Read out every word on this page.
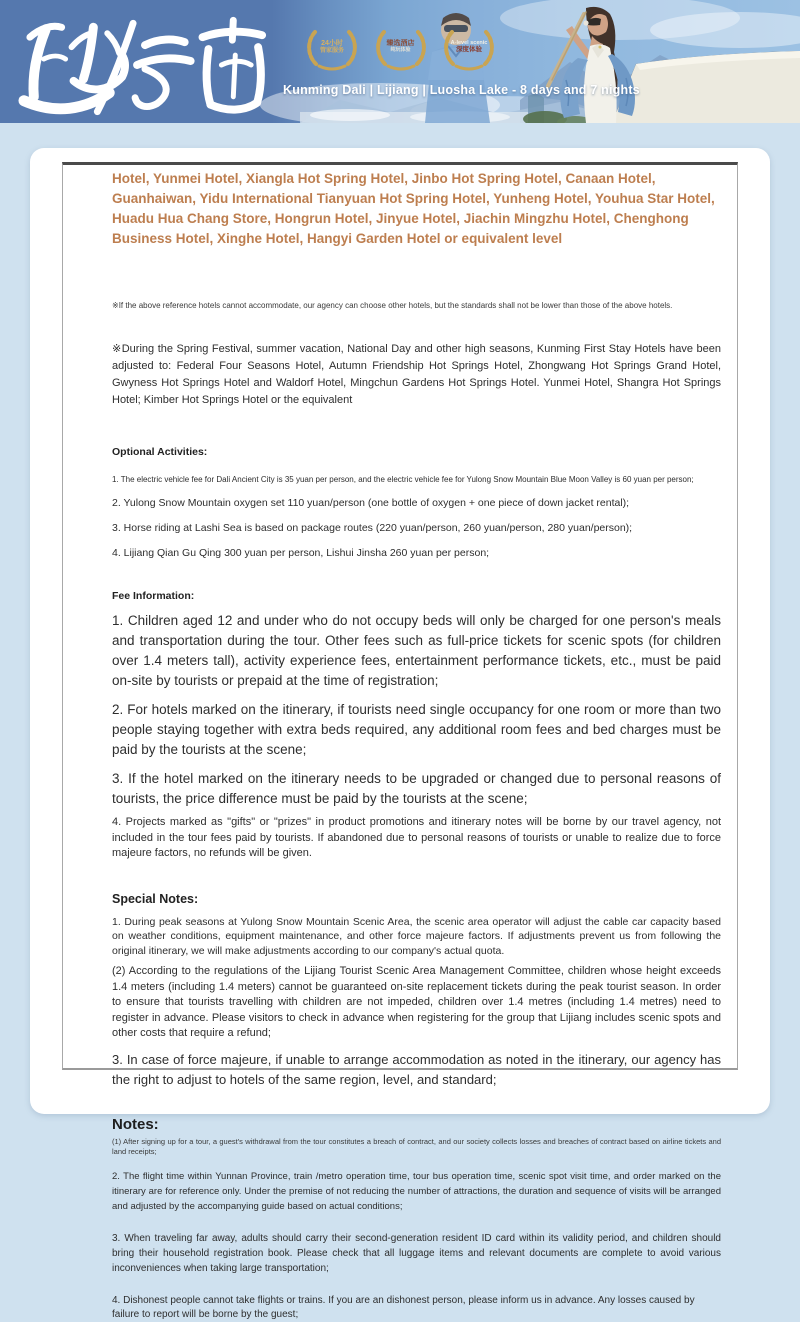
24小时
管家服务
臻选酒店
纯玩体验
A-level scenic
深度体验
Kunming Dali | Lijiang | Luosha Lake - 8 days and 7 nights

Hotel, Yunmei Hotel, Xiangla Hot Spring Hotel, Jinbo Hot Spring Hotel, Canaan Hotel, Guanhaiwan, Yidu International Tianyuan Hot Spring Hotel, Yunheng Hotel, Youhua Star Hotel, Huadu Hua Chang Store, Hongrun Hotel, Jinyue Hotel, Jiachin Mingzhu Hotel, Chenghong Business Hotel, Xinghe Hotel, Hangyi Garden Hotel or equivalent level

※If the above reference hotels cannot accommodate, our agency can choose other hotels, but the standards shall not be lower than those of the above hotels.

※During the Spring Festival, summer vacation, National Day and other high seasons, Kunming First Stay Hotels have been adjusted to: Federal Four Seasons Hotel, Autumn Friendship Hot Springs Hotel, Zhongwang Hot Springs Grand Hotel, Gwyness Hot Springs Hotel and Waldorf Hotel, Mingchun Gardens Hot Springs Hotel. Yunmei Hotel, Shangra Hot Springs Hotel; Kimber Hot Springs Hotel or the equivalent

Optional Activities:

1. The electric vehicle fee for Dali Ancient City is 35 yuan per person, and the electric vehicle fee for Yulong Snow Mountain Blue Moon Valley is 60 yuan per person;

2. Yulong Snow Mountain oxygen set 110 yuan/person (one bottle of oxygen + one piece of down jacket rental);

3. Horse riding at Lashi Sea is based on package routes (220 yuan/person, 260 yuan/person, 280 yuan/person);

4. Lijiang Qian Gu Qing 300 yuan per person, Lishui Jinsha 260 yuan per person;

Fee Information:

1. Children aged 12 and under who do not occupy beds will only be charged for one person's meals and transportation during the tour. Other fees such as full-price tickets for scenic spots (for children over 1.4 meters tall), activity experience fees, entertainment performance tickets, etc., must be paid on-site by tourists or prepaid at the time of registration;

2. For hotels marked on the itinerary, if tourists need single occupancy for one room or more than two people staying together with extra beds required, any additional room fees and bed charges must be paid by the tourists at the scene;

3. If the hotel marked on the itinerary needs to be upgraded or changed due to personal reasons of tourists, the price difference must be paid by the tourists at the scene;

4. Projects marked as "gifts" or "prizes" in product promotions and itinerary notes will be borne by our travel agency, not included in the tour fees paid by tourists. If abandoned due to personal reasons of tourists or unable to realize due to force majeure factors, no refunds will be given.

Special Notes:

1. During peak seasons at Yulong Snow Mountain Scenic Area, the scenic area operator will adjust the cable car capacity based on weather conditions, equipment maintenance, and other force majeure factors. If adjustments prevent us from following the original itinerary, we will make adjustments according to our company's actual quota.

(2) According to the regulations of the Lijiang Tourist Scenic Area Management Committee, children whose height exceeds 1.4 meters (including 1.4 meters) cannot be guaranteed on-site replacement tickets during the peak tourist season. In order to ensure that tourists travelling with children are not impeded, children over 1.4 metres (including 1.4 metres) need to register in advance. Please visitors to check in advance when registering for the group that Lijiang includes scenic spots and other costs that require a refund;

3. In case of force majeure, if unable to arrange accommodation as noted in the itinerary, our agency has the right to adjust to hotels of the same region, level, and standard;

Notes:

(1) After signing up for a tour, a guest's withdrawal from the tour constitutes a breach of contract, and our society collects losses and breaches of contract based on airline tickets and land receipts;

2. The flight time within Yunnan Province, train /metro operation time, tour bus operation time, scenic spot visit time, and order marked on the itinerary are for reference only. Under the premise of not reducing the number of attractions, the duration and sequence of visits will be arranged and adjusted by the accompanying guide based on actual conditions;

3. When traveling far away, adults should carry their second-generation resident ID card within its validity period, and children should bring their household registration book. Please check that all luggage items and relevant documents are complete to avoid various inconveniences when taking large transportation;

4. Dishonest people cannot take flights or trains. If you are an dishonest person, please inform us in advance. Any losses caused by failure to report will be borne by the guest;
